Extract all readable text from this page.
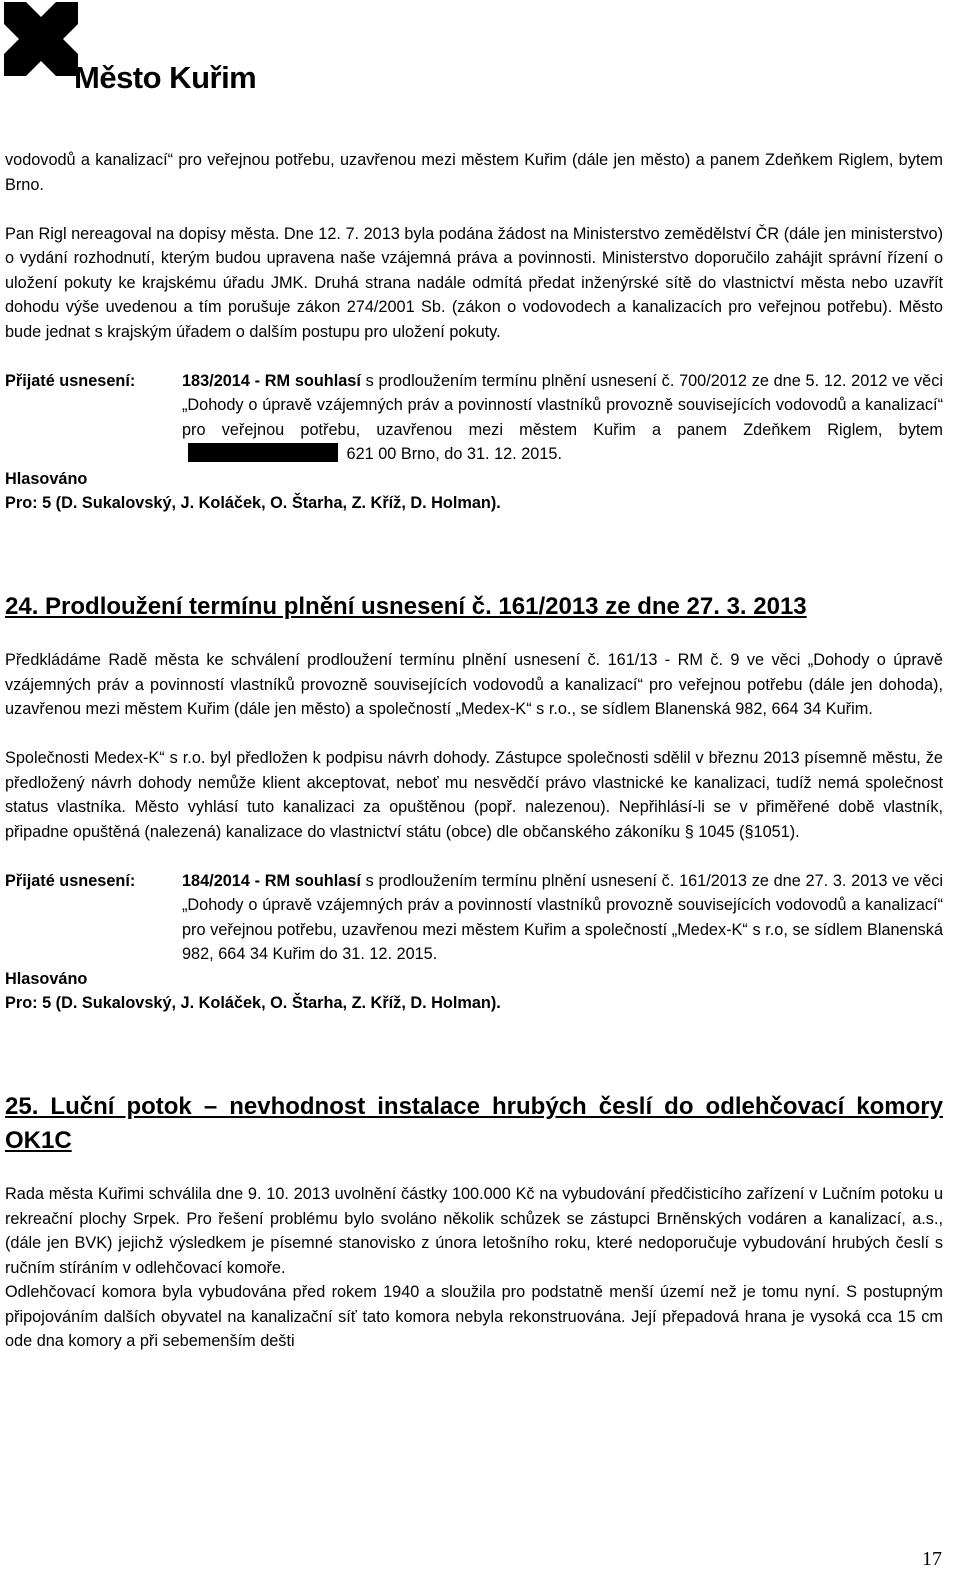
Město Kuřim

vodovodů a kanalizací“ pro veřejnou potřebu, uzavřenou mezi městem Kuřim (dále jen město) a panem Zdeňkem Riglem, bytem Brno.

Pan Rigl nereagoval na dopisy města. Dne 12. 7. 2013 byla podána žádost na Ministerstvo zemědělství ČR (dále jen ministerstvo) o vydání rozhodnutí, kterým budou upravena naše vzájemná práva a povinnosti. Ministerstvo doporučilo zahájit správní řízení o uložení pokuty ke krajskému úřadu JMK. Druhá strana nadále odmítá předat inženýrské sítě do vlastnictví města nebo uzavřít dohodu výše uvedenou a tím porušuje zákon 274/2001 Sb. (zákon o vodovodech a kanalizacích pro veřejnou potřebu). Město bude jednat s krajským úřadem o dalším postupu pro uložení pokuty.

Přijaté usnesení:	183/2014 - RM souhlasí s prodloužením termínu plnění usnesení č. 700/2012 ze dne 5. 12. 2012 ve věci „Dohody o úpravě vzájemných práv a povinností vlastníků provozně souvisejících vodovodů a kanalizací“ pro veřejnou potřebu, uzavřenou mezi městem Kuřim a panem Zdeňkem Riglem, bytem 621 00 Brno, do 31. 12. 2015.
Hlasováno
Pro: 5 (D. Sukalovský, J. Koláček, O. Štarha, Z. Kříž, D. Holman).
24. Prodloužení termínu plnění usnesení č. 161/2013 ze dne 27. 3. 2013

Předkládáme Radě města ke schválení prodloužení termínu plnění usnesení č. 161/13 - RM č. 9 ve věci „Dohody o úpravě vzájemných práv a povinností vlastníků provozně souvisejících vodovodů a kanalizací“ pro veřejnou potřebu (dále jen dohoda), uzavřenou mezi městem Kuřim (dále jen město) a společností „Medex-K“ s r.o., se sídlem Blanenská 982, 664 34 Kuřim.

Společnosti Medex-K“ s r.o. byl předložen k podpisu návrh dohody. Zástupce společnosti sdělil v březnu 2013 písemně městu, že předložený návrh dohody nemůže klient akceptovat, neboť mu nesvědčí právo vlastnické ke kanalizaci, tudíž nemá společnost status vlastníka. Město vyhlásí tuto kanalizaci za opuštěnou (popř. nalezenou). Nepřihlásí-li se v přiměřené době vlastník, připadne opuštěná (nalezená) kanalizace do vlastnictví státu (obce) dle občanského zákoníku § 1045 (§1051).

Přijaté usnesení:	184/2014 - RM souhlasí s prodloužením termínu plnění usnesení č. 161/2013 ze dne 27. 3. 2013 ve věci „Dohody o úpravě vzájemných práv a povinností vlastníků provozně souvisejících vodovodů a kanalizací“ pro veřejnou potřebu, uzavřenou mezi městem Kuřim a společností „Medex-K“ s r.o, se sídlem Blanenská 982, 664 34 Kuřim do 31. 12. 2015.
Hlasováno
Pro: 5 (D. Sukalovský, J. Koláček, O. Štarha, Z. Kříž, D. Holman).
25. Luční potok – nevhodnost instalace hrubých česlí do odlehčovací komory OK1C

Rada města Kuřimi schválila dne 9. 10. 2013 uvolnění částky 100.000 Kč na vybudování předčisticího zařízení v Lučním potoku u rekreační plochy Srpek. Pro řešení problému bylo svoláno několik schůzek se zástupci Brněnských vodáren a kanalizací, a.s., (dále jen BVK) jejichž výsledkem je písemné stanovisko z února letošního roku, které nedoporučuje vybudování hrubých česlí s ručním stíráním v odlehčovací komoře.

Odlehčovací komora byla vybudována před rokem 1940 a sloužila pro podstatně menší území než je tomu nyní. S postupným připojováním dalších obyvatel na kanalizační síť tato komora nebyla rekonstruována. Její přepadová hrana je vysoká cca 15 cm ode dna komory a při sebemenším dešti

17
